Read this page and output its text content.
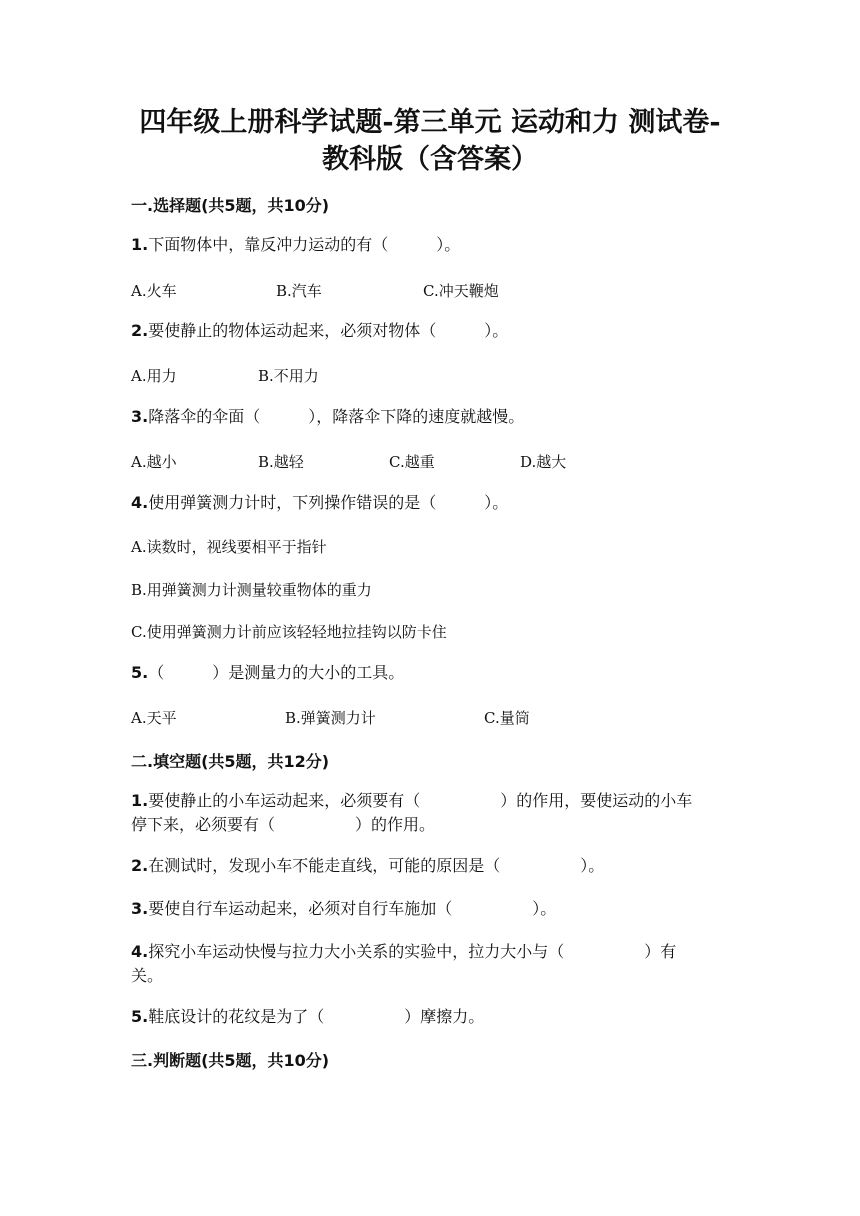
四年级上册科学试题-第三单元 运动和力 测试卷-
教科版（含答案）
一.选择题(共5题，共10分)
1.下面物体中，靠反冲力运动的有（　　　）。
A.火车	B.汽车	C.冲天鞭炮
2.要使静止的物体运动起来，必须对物体（　　　）。
A.用力	B.不用力
3.降落伞的伞面（　　　），降落伞下降的速度就越慢。
A.越小	B.越轻	C.越重	D.越大
4.使用弹簧测力计时，下列操作错误的是（　　　）。
A.读数时，视线要相平于指针
B.用弹簧测力计测量较重物体的重力
C.使用弹簧测力计前应该轻轻地拉挂钩以防卡住
5.（　　　）是测量力的大小的工具。
A.天平	B.弹簧测力计	C.量筒
二.填空题(共5题，共12分)
1.要使静止的小车运动起来，必须要有（　　　　　）的作用，要使运动的小车
停下来，必须要有（　　　　　）的作用。
2.在测试时，发现小车不能走直线，可能的原因是（　　　　　）。
3.要使自行车运动起来，必须对自行车施加（　　　　　）。
4.探究小车运动快慢与拉力大小关系的实验中，拉力大小与（　　　　　）有
关。
5.鞋底设计的花纹是为了（　　　　　）摩擦力。
三.判断题(共5题，共10分)
